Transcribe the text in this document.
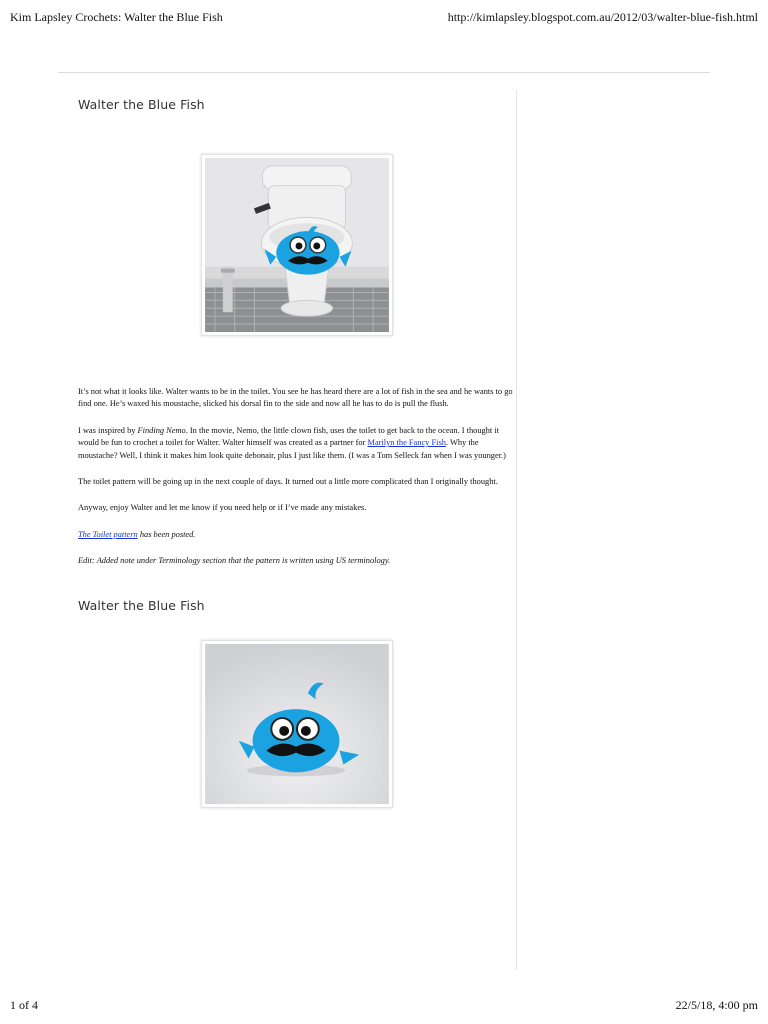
Kim Lapsley Crochets: Walter the Blue Fish	http://kimlapsley.blogspot.com.au/2012/03/walter-blue-fish.html
Walter the Blue Fish

It’s not what it looks like. Walter wants to be in the toilet. You see he has heard there are a lot of fish in the sea and he wants to go find one. He’s waxed his moustache, slicked his dorsal fin to the side and now all he has to do is pull the flush.

I was inspired by Finding Nemo. In the movie, Nemo, the little clown fish, uses the toilet to get back to the ocean. I thought it would be fun to crochet a toilet for Walter. Walter himself was created as a partner for Marilyn the Fancy Fish. Why the moustache? Well, I think it makes him look quite debonair, plus I just like them. (I was a Tom Selleck fan when I was younger.)

The toilet pattern will be going up in the next couple of days. It turned out a little more complicated than I originally thought.

Anyway, enjoy Walter and let me know if you need help or if I’ve made any mistakes.

The Toilet pattern has been posted.

Edit: Added note under Terminology section that the pattern is written using US terminology.

Walter the Blue Fish
1 of 4	22/5/18, 4:00 pm
